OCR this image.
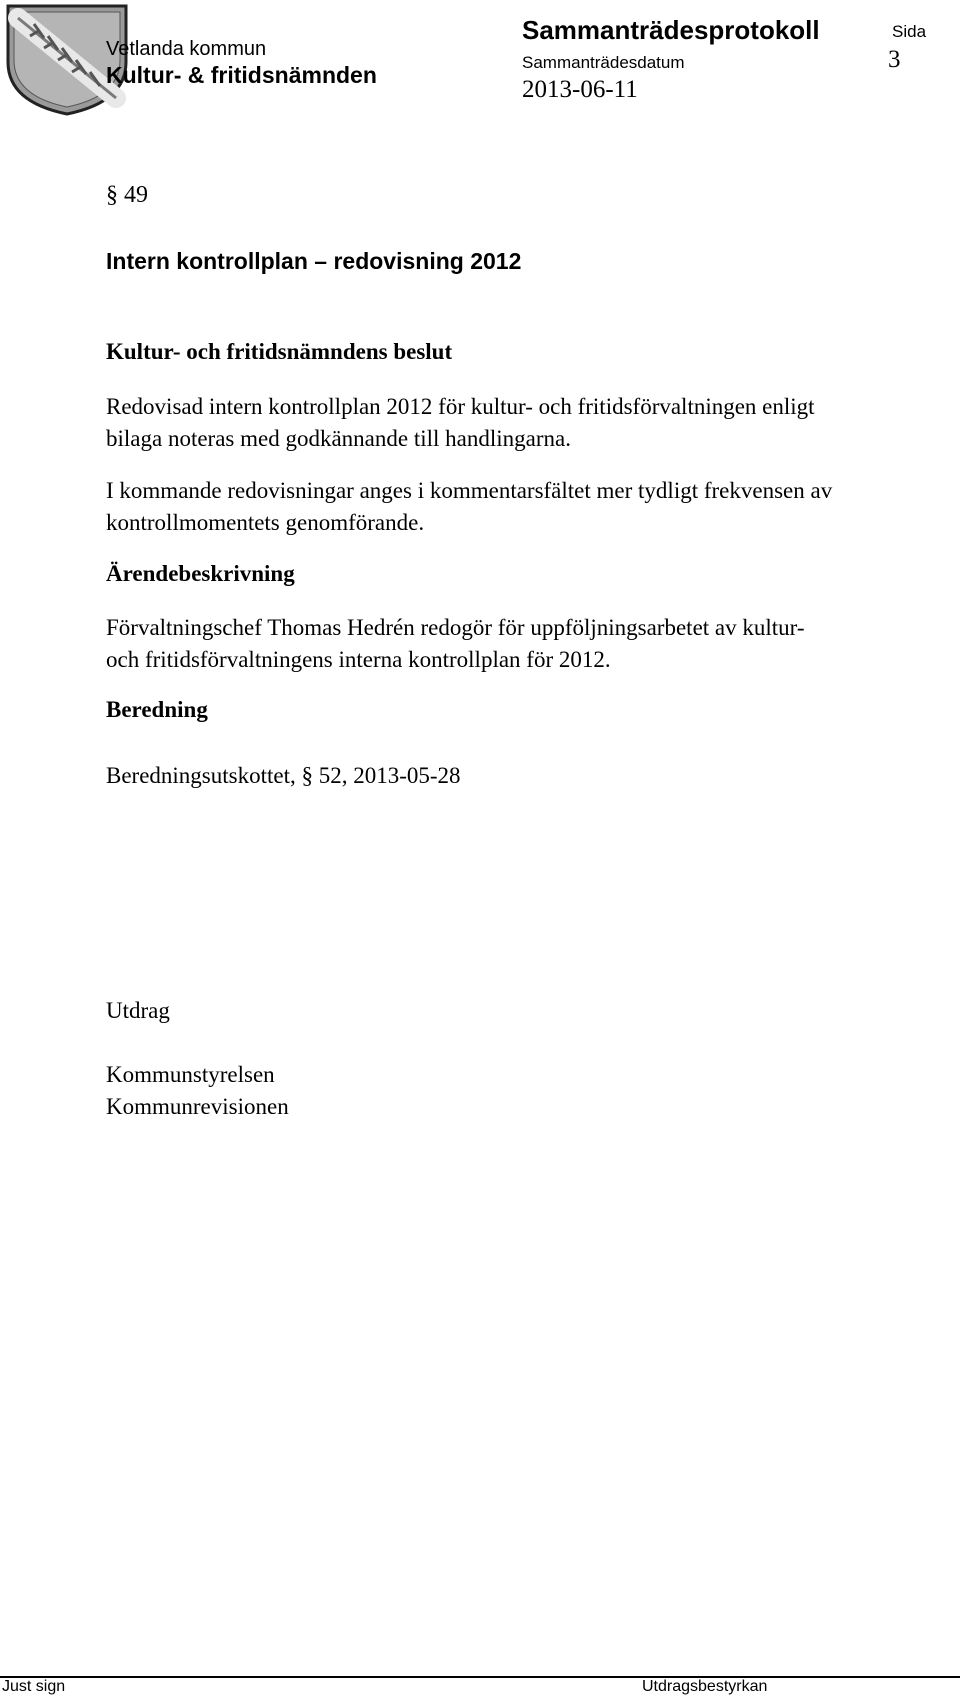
Vetlanda kommun
Kultur- & fritidsnämnden
Sammanträdesprotokoll
Sammanträdesdatum
2013-06-11
Sida
3
§ 49
Intern kontrollplan – redovisning 2012
Kultur- och fritidsnämndens beslut
Redovisad intern kontrollplan 2012 för kultur- och fritidsförvaltningen enligt
bilaga noteras med godkännande till handlingarna.
I kommande redovisningar anges i kommentarsfältet mer tydligt frekvensen av
kontrollmomentets genomförande.
Ärendebeskrivning
Förvaltningschef Thomas Hedrén redogör för uppföljningsarbetet av kultur-
och fritidsförvaltningens interna kontrollplan för 2012.
Beredning
Beredningsutskottet, § 52, 2013-05-28
Utdrag
Kommunstyrelsen
Kommunrevisionen
Just sign	Utdragsbestyrkan
